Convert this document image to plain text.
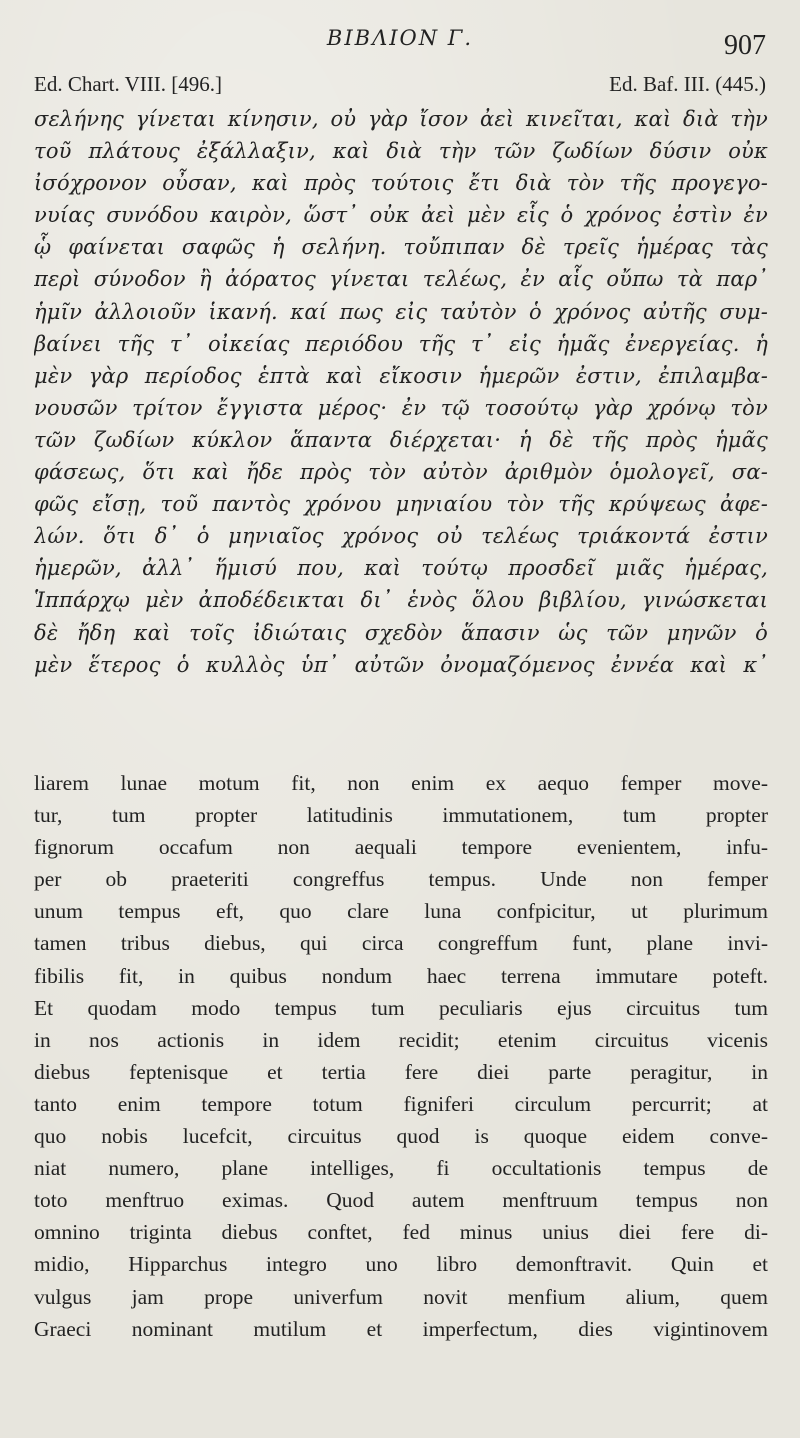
BIBΛΙΟΝ Γ.	907
Ed. Chart. VIII. [496.]	Ed. Baf. III. (445.)
σελήνης γίνεται κίνησιν, οὐ γὰρ ἴσον ἀεὶ κινεῖται, καὶ διὰ τὴν
τοῦ πλάτους ἐξάλλαξιν, καὶ διὰ τὴν τῶν ζωδίων δύσιν οὐκ
ἰσόχρονον οὖσαν, καὶ πρὸς τούτοις ἔτι διὰ τὸν τῆς προγεγο-
νυίας συνόδου καιρὸν, ὥστ᾽ οὐκ ἀεὶ μὲν εἷς ὁ χρόνος ἐστὶν ἐν
ᾧ φαίνεται σαφῶς ἡ σελήνη. τοὔπιπαν δὲ τρεῖς ἡμέρας τὰς
περὶ σύνοδον ἢ ἀόρατος γίνεται τελέως, ἐν αἷς οὔπω τὰ παρ᾽
ἡμῖν ἀλλοιοῦν ἱκανή. καί πως εἰς ταὐτὸν ὁ χρόνος αὐτῆς συμ-
βαίνει τῆς τ᾽ οἰκείας περιόδου τῆς τ᾽ εἰς ἡμᾶς ἐνεργείας. ἡ
μὲν γὰρ περίοδος ἑπτὰ καὶ εἴκοσιν ἡμερῶν ἐστιν, ἐπιλαμβα-
νουσῶν τρίτον ἔγγιστα μέρος· ἐν τῷ τοσούτῳ γὰρ χρόνῳ τὸν
τῶν ζωδίων κύκλον ἅπαντα διέρχεται· ἡ δὲ τῆς πρὸς ἡμᾶς
φάσεως, ὅτι καὶ ἤδε πρὸς τὸν αὐτὸν ἀριθμὸν ὁμολογεῖ, σα-
φῶς εἴσῃ, τοῦ παντὸς χρόνου μηνιαίου τὸν τῆς κρύψεως ἀφε-
λών. ὅτι δ᾽ ὁ μηνιαῖος χρόνος οὐ τελέως τριάκοντά ἐστιν
ἡμερῶν, ἀλλ᾽ ἥμισύ που, καὶ τούτῳ προσδεῖ μιᾶς ἡμέρας,
Ἱππάρχῳ μὲν ἀποδέδεικται δι᾽ ἑνὸς ὅλου βιβλίου, γινώσκεται
δὲ ἤδη καὶ τοῖς ἰδιώταις σχεδὸν ἅπασιν ὡς τῶν μηνῶν ὁ
μὲν ἕτερος ὁ κυλλὸς ὑπ᾽ αὐτῶν ὀνομαζόμενος ἐννέα καὶ κ᾽
liarem lunae motum fit, non enim ex aequo femper move-
tur, tum propter latitudinis immutationem, tum propter
fignorum occafum non aequali tempore evenientem, infu-
per ob praeteriti congreffus tempus. Unde non femper
unum tempus eft, quo clare luna confpicitur, ut plurimum
tamen tribus diebus, qui circa congreffum funt, plane invi-
fibilis fit, in quibus nondum haec terrena immutare poteft.
Et quodam modo tempus tum peculiaris ejus circuitus tum
in nos actionis in idem recidit; etenim circuitus vicenis
diebus feptenisque et tertia fere diei parte peragitur, in
tanto enim tempore totum figniferi circulum percurrit; at
quo nobis lucefcit, circuitus quod is quoque eidem conve-
niat numero, plane intelliges, fi occultationis tempus de
toto menftruo eximas. Quod autem menftruum tempus non
omnino triginta diebus conftet, fed minus unius diei fere di-
midio, Hipparchus integro uno libro demonftravit. Quin et
vulgus jam prope univerfum novit menfium alium, quem
Graeci nominant mutilum et imperfectum, dies vigintinovem
